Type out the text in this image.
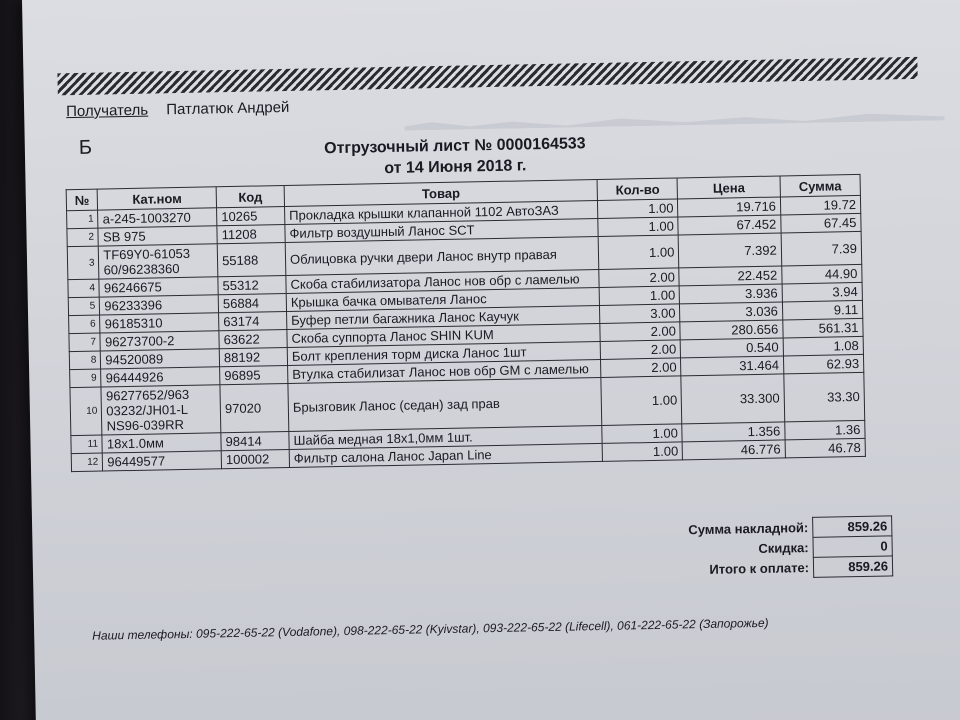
Получатель Патлатюк Андрей
Б	Отгрузочный лист № 0000164533
от 14 Июня 2018 г.
№	Кат.ном	Код	Товар	Кол-во	Цена	Сумма
1	а-245-1003270	10265	Прокладка крышки клапанной 1102 АвтоЗАЗ	1.00	19.716	19.72
2	SB 975	11208	Фильтр воздушный Ланос SCT	1.00	67.452	67.45
3	TF69Y0-61053 60/96238360	55188	Облицовка ручки двери Ланос внутр правая	1.00	7.392	7.39
4	96246675	55312	Скоба стабилизатора Ланос нов обр с ламелью	2.00	22.452	44.90
5	96233396	56884	Крышка бачка омывателя Ланос	1.00	3.936	3.94
6	96185310	63174	Буфер петли багажника Ланос Каучук	3.00	3.036	9.11
7	96273700-2	63622	Скоба суппорта Ланос SHIN KUM	2.00	280.656	561.31
8	94520089	88192	Болт крепления торм диска Ланос 1шт	2.00	0.540	1.08
9	96444926	96895	Втулка стабилизат Ланос нов обр GM с ламелью	2.00	31.464	62.93
10	96277652/963 03232/JH01-L NS96-039RR	97020	Брызговик Ланос (седан) зад прав	1.00	33.300	33.30
11	18х1.0мм	98414	Шайба медная 18х1,0мм 1шт.	1.00	1.356	1.36
12	96449577	100002	Фильтр салона Ланос Japan Line	1.00	46.776	46.78
Сумма накладной:	859.26
Скидка:	0
Итого к оплате:	859.26
Наши телефоны: 095-222-65-22 (Vodafone), 098-222-65-22 (Kyivstar), 093-222-65-22 (Lifecell), 061-222-65-22 (Запорожье)
